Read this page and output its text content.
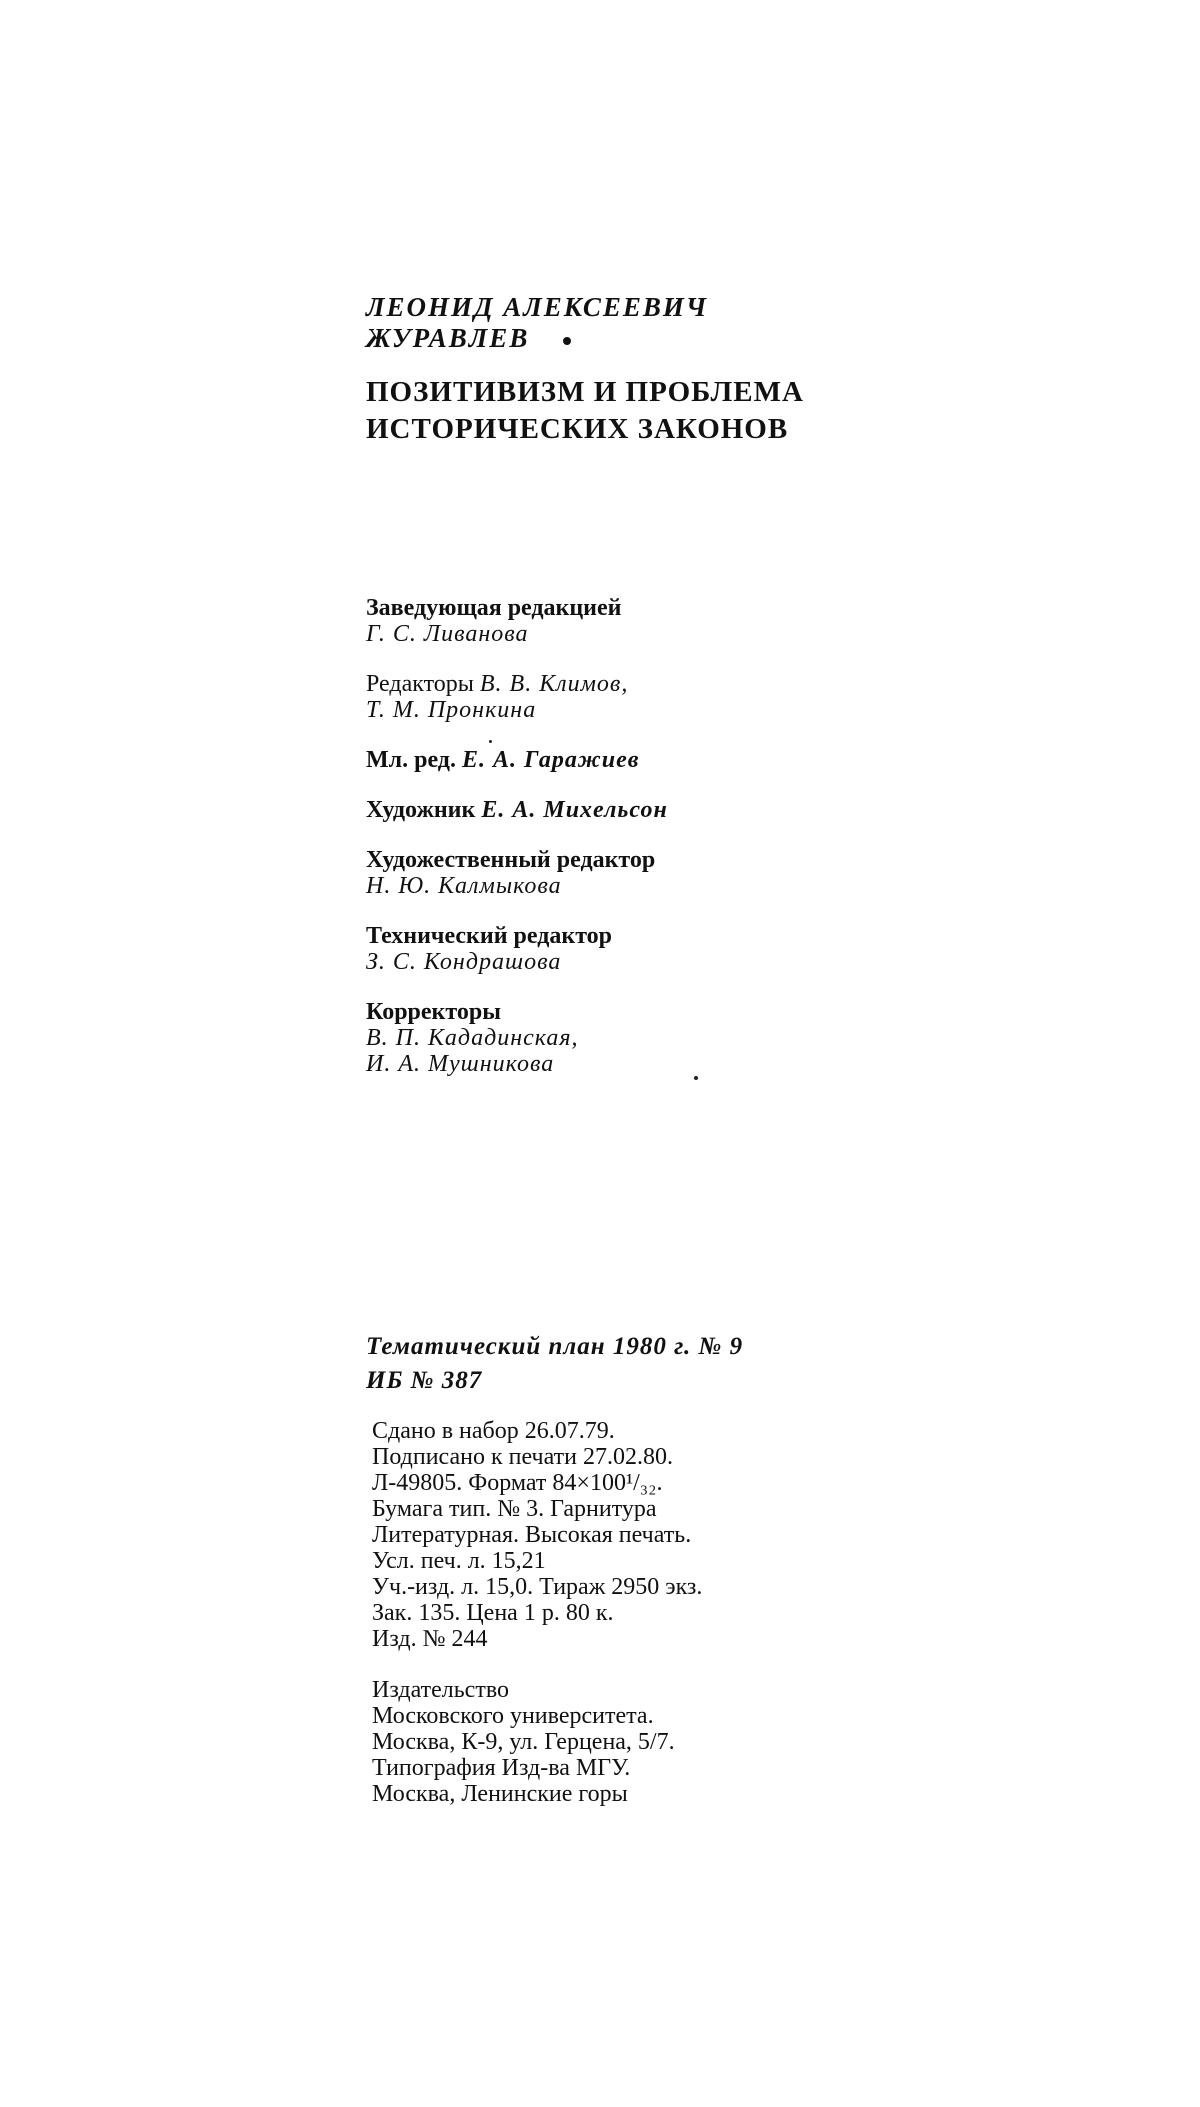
ЛЕОНИД АЛЕКСЕЕВИЧ
ЖУРАВЛЕВ
ПОЗИТИВИЗМ И ПРОБЛЕМА
ИСТОРИЧЕСКИХ ЗАКОНОВ
Заведующая редакцией
Г. С. Ливанова
Редакторы В. В. Климов,
Т. М. Пронкина
Мл. ред. Е. А. Гаражиев
Художник Е. А. Михельсон
Художественный редактор
Н. Ю. Калмыкова
Технический редактор
З. С. Кондрашова
Корректоры
В. П. Кададинская,
И. А. Мушникова
Тематический план 1980 г. № 9
ИБ № 387
Сдано в набор 26.07.79.
Подписано к печати 27.02.80.
Л-49805. Формат 84×100¹/₃₂.
Бумага тип. № 3. Гарнитура
Литературная. Высокая печать.
Усл. печ. л. 15,21
Уч.-изд. л. 15,0. Тираж 2950 экз.
Зак. 135. Цена 1 р. 80 к.
Изд. № 244
Издательство
Московского университета.
Москва, К-9, ул. Герцена, 5/7.
Типография Изд-ва МГУ.
Москва, Ленинские горы
